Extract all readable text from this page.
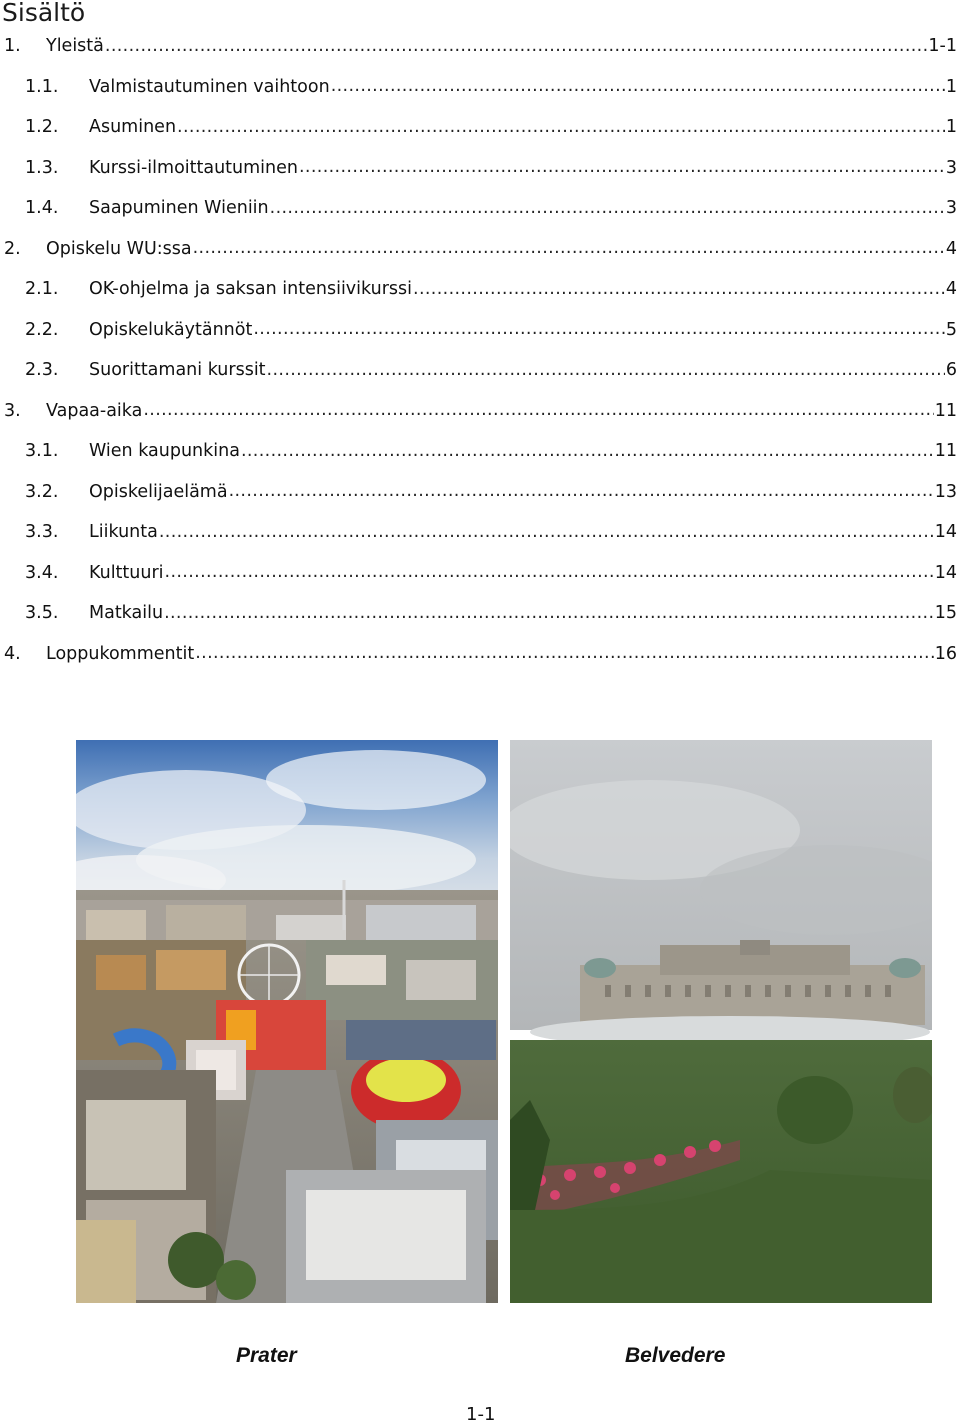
Sisältö
1.	Yleistä . . .	1-1
1.1.	Valmistautuminen vaihtoon . . .	1
1.2.	Asuminen . . .	1
1.3.	Kurssi-ilmoittautuminen . . .	3
1.4.	Saapuminen Wieniin . . .	3
2.	Opiskelu WU:ssa . . .	4
2.1.	OK-ohjelma ja saksan intensiivikurssi . . .	4
2.2.	Opiskelukäytännöt . . .	5
2.3.	Suorittamani kurssit . . .	6
3.	Vapaa-aika . . .	11
3.1.	Wien kaupunkina . . .	11
3.2.	Opiskelijaelämä . . .	13
3.3.	Liikunta . . .	14
3.4.	Kulttuuri . . .	14
3.5.	Matkailu . . .	15
4.	Loppukommentit . . .	16
Prater	Belvedere
1-1
